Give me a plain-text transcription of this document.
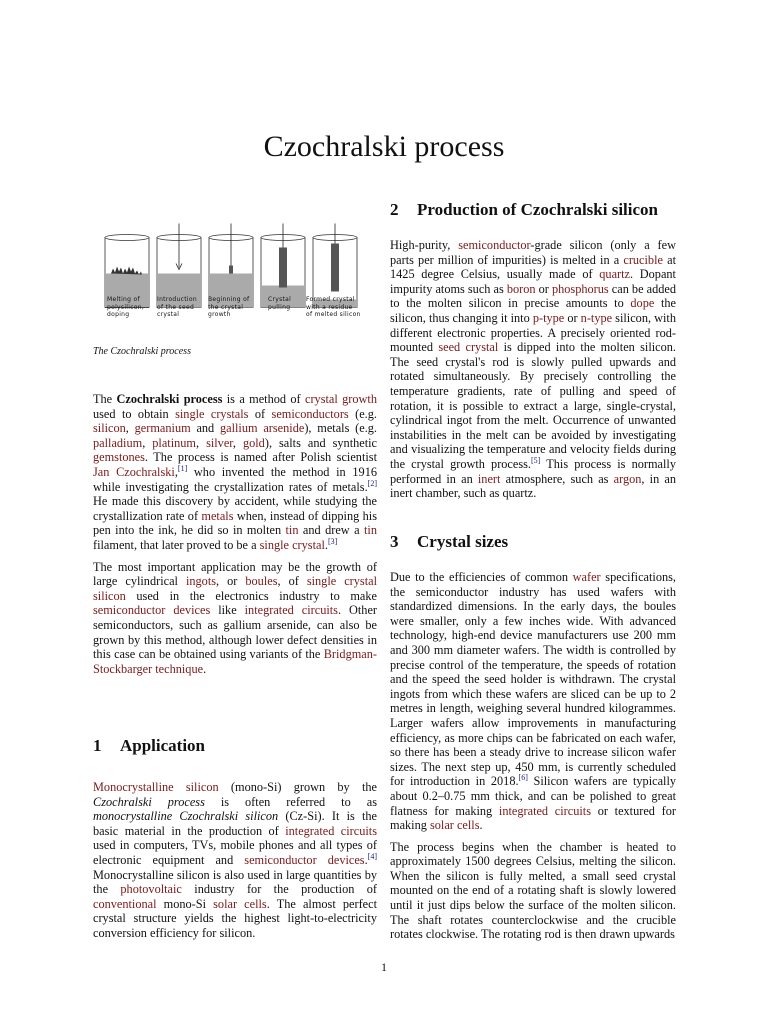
Czochralski process
Melting of
polysilicon,
doping
Introduction
of the seed
crystal
Beginning of
the crystal
growth
Crystal
pulling
Formed crystal
with a residue
of melted silicon
The Czochralski process

The Czochralski process is a method of crystal growth used to obtain single crystals of semiconductors (e.g. silicon, germanium and gallium arsenide), metals (e.g. palladium, platinum, silver, gold), salts and synthetic gemstones. The process is named after Polish scientist Jan Czochralski,[1] who invented the method in 1916 while investigating the crystallization rates of metals.[2] He made this discovery by accident, while studying the crystallization rate of metals when, instead of dipping his pen into the ink, he did so in molten tin and drew a tin filament, that later proved to be a single crystal.[3]

The most important application may be the growth of large cylindrical ingots, or boules, of single crystal silicon used in the electronics industry to make semiconductor devices like integrated circuits. Other semiconductors, such as gallium arsenide, can also be grown by this method, although lower defect densities in this case can be obtained using variants of the Bridgman-Stockbarger technique.

1 Application

Monocrystalline silicon (mono-Si) grown by the Czochralski process is often referred to as monocrystalline Czochralski silicon (Cz-Si). It is the basic material in the production of integrated circuits used in computers, TVs, mobile phones and all types of electronic equipment and semiconductor devices.[4] Monocrystalline silicon is also used in large quantities by the photovoltaic industry for the production of conventional mono-Si solar cells. The almost perfect crystal structure yields the highest light-to-electricity conversion efficiency for silicon.

2 Production of Czochralski silicon

High-purity, semiconductor-grade silicon (only a few parts per million of impurities) is melted in a crucible at 1425 degree Celsius, usually made of quartz. Dopant impurity atoms such as boron or phosphorus can be added to the molten silicon in precise amounts to dope the silicon, thus changing it into p-type or n-type silicon, with different electronic properties. A precisely oriented rod-mounted seed crystal is dipped into the molten silicon. The seed crystal's rod is slowly pulled upwards and rotated simultaneously. By precisely controlling the temperature gradients, rate of pulling and speed of rotation, it is possible to extract a large, single-crystal, cylindrical ingot from the melt. Occurrence of unwanted instabilities in the melt can be avoided by investigating and visualizing the temperature and velocity fields during the crystal growth process.[5] This process is normally performed in an inert atmosphere, such as argon, in an inert chamber, such as quartz.

3 Crystal sizes

Due to the efficiencies of common wafer specifications, the semiconductor industry has used wafers with standardized dimensions. In the early days, the boules were smaller, only a few inches wide. With advanced technology, high-end device manufacturers use 200 mm and 300 mm diameter wafers. The width is controlled by precise control of the temperature, the speeds of rotation and the speed the seed holder is withdrawn. The crystal ingots from which these wafers are sliced can be up to 2 metres in length, weighing several hundred kilogrammes. Larger wafers allow improvements in manufacturing efficiency, as more chips can be fabricated on each wafer, so there has been a steady drive to increase silicon wafer sizes. The next step up, 450 mm, is currently scheduled for introduction in 2018.[6] Silicon wafers are typically about 0.2–0.75 mm thick, and can be polished to great flatness for making integrated circuits or textured for making solar cells.

The process begins when the chamber is heated to approximately 1500 degrees Celsius, melting the silicon. When the silicon is fully melted, a small seed crystal mounted on the end of a rotating shaft is slowly lowered until it just dips below the surface of the molten silicon. The shaft rotates counterclockwise and the crucible rotates clockwise. The rotating rod is then drawn upwards

1
